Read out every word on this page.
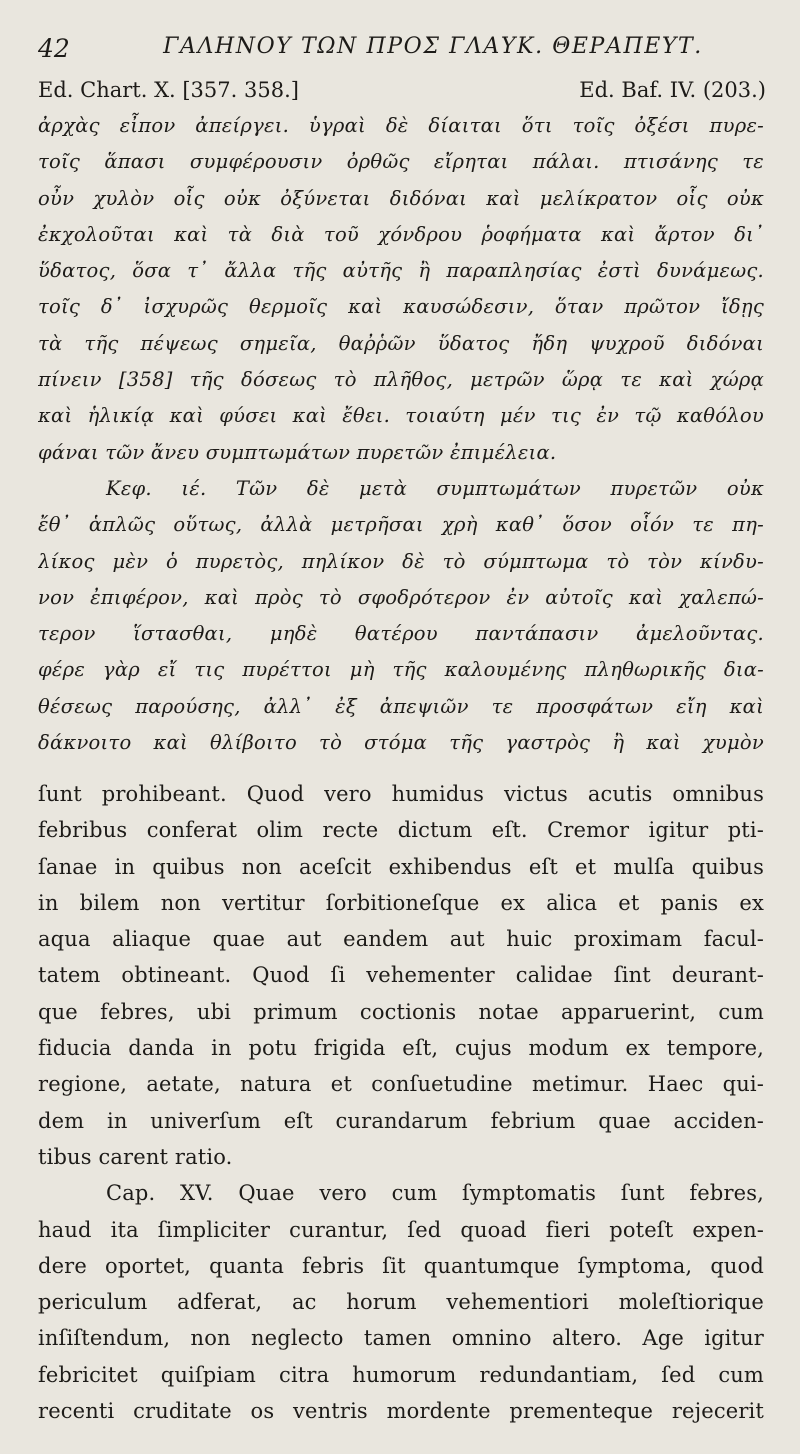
42	ΓΑΛΗΝΟΥ ΤΩΝ ΠΡΟΣ ΓΛΑΥΚ. ΘΕΡΑΠΕΥΤ.
Ed. Chart. X. [357. 358.]	Ed. Baf. IV. (203.)
ἀρχὰς εἶπον ἀπείργει. ὑγραὶ δὲ δίαιται ὅτι τοῖς ὀξέσι πυρε-
τοῖς ἅπασι συμφέρουσιν ὀρθῶς εἴρηται πάλαι. πτισάνης τε
οὖν χυλὸν οἷς οὐκ ὀξύνεται διδόναι καὶ μελίκρατον οἷς οὐκ
ἐκχολοῦται καὶ τὰ διὰ τοῦ χόνδρου ῥοφήματα καὶ ἄρτον δι᾽
ὕδατος, ὅσα τ᾽ ἄλλα τῆς αὐτῆς ἢ παραπλησίας ἐστὶ δυνάμεως.
τοῖς δ᾽ ἰσχυρῶς θερμοῖς καὶ καυσώδεσιν, ὅταν πρῶτον ἴδῃς
τὰ τῆς πέψεως σημεῖα, θαῤῥῶν ὕδατος ἤδη ψυχροῦ διδόναι
πίνειν [358] τῆς δόσεως τὸ πλῆθος, μετρῶν ὥρᾳ τε καὶ χώρᾳ
καὶ ἡλικίᾳ καὶ φύσει καὶ ἔθει. τοιαύτη μέν τις ἐν τῷ καθόλου
φάναι τῶν ἄνευ συμπτωμάτων πυρετῶν ἐπιμέλεια.
Κεφ. ιέ. Τῶν δὲ μετὰ συμπτωμάτων πυρετῶν οὐκ
ἔθ᾽ ἁπλῶς οὕτως, ἀλλὰ μετρῆσαι χρὴ καθ᾽ ὅσον οἷόν τε πη-
λίκος μὲν ὁ πυρετὸς, πηλίκον δὲ τὸ σύμπτωμα τὸ τὸν κίνδυ-
νον ἐπιφέρον, καὶ πρὸς τὸ σφοδρότερον ἐν αὐτοῖς καὶ χαλεπώ-
τερον ἵστασθαι, μηδὲ θατέρου παντάπασιν ἀμελοῦντας.
φέρε γὰρ εἴ τις πυρέττοι μὴ τῆς καλουμένης πληθωρικῆς δια-
θέσεως παρούσης, ἀλλ᾽ ἐξ ἀπεψιῶν τε προσφάτων εἴη καὶ
δάκνοιτο καὶ θλίβοιτο τὸ στόμα τῆς γαστρὸς ἢ καὶ χυμὸν
ſunt prohibeant. Quod vero humidus victus acutis omnibus
febribus conferat olim recte dictum eſt. Cremor igitur pti-
ſanae in quibus non aceſcit exhibendus eſt et mulſa quibus
in bilem non vertitur ſorbitioneſque ex alica et panis ex
aqua aliaque quae aut eandem aut huic proximam facul-
tatem obtineant. Quod ſi vehementer calidae ſint deurant-
que febres, ubi primum coctionis notae apparuerint, cum
fiducia danda in potu frigida eſt, cujus modum ex tempore,
regione, aetate, natura et conſuetudine metimur. Haec qui-
dem in univerſum eſt curandarum febrium quae acciden-
tibus carent ratio.
Cap. XV. Quae vero cum ſymptomatis ſunt febres,
haud ita ſimpliciter curantur, ſed quoad fieri poteſt expen-
dere oportet, quanta febris ſit quantumque ſymptoma, quod
periculum adferat, ac horum vehementiori moleſtiorique
inſiſtendum, non neglecto tamen omnino altero. Age igitur
febricitet quiſpiam citra humorum redundantiam, ſed cum
recenti cruditate os ventris mordente prementeque rejecerit
